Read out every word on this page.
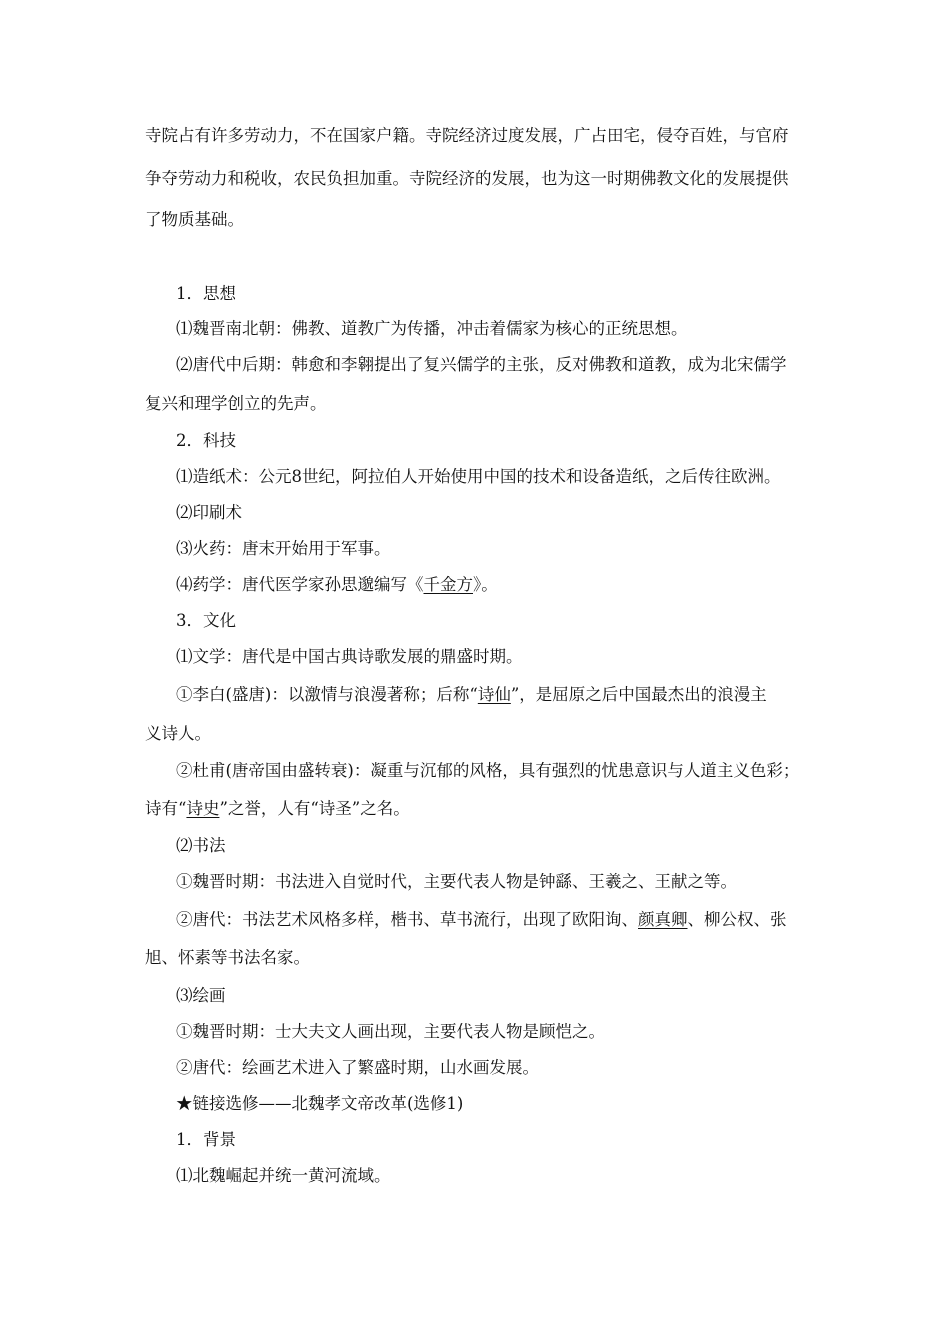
寺院占有许多劳动力，不在国家户籍。寺院经济过度发展，广占田宅，侵夺百姓，与官府
争夺劳动力和税收，农民负担加重。寺院经济的发展，也为这一时期佛教文化的发展提供
了物质基础。
1．思想
⑴魏晋南北朝：佛教、道教广为传播，冲击着儒家为核心的正统思想。
⑵唐代中后期：韩愈和李翱提出了复兴儒学的主张，反对佛教和道教，成为北宋儒学
复兴和理学创立的先声。
2．科技
⑴造纸术：公元8世纪，阿拉伯人开始使用中国的技术和设备造纸，之后传往欧洲。
⑵印刷术
⑶火药：唐末开始用于军事。
⑷药学：唐代医学家孙思邈编写《千金方》。
3．文化
⑴文学：唐代是中国古典诗歌发展的鼎盛时期。
①李白(盛唐)：以激情与浪漫著称；后称“诗仙”，是屈原之后中国最杰出的浪漫主
义诗人。
②杜甫(唐帝国由盛转衰)：凝重与沉郁的风格，具有强烈的忧患意识与人道主义色彩；
诗有“诗史”之誉，人有“诗圣”之名。
⑵书法
①魏晋时期：书法进入自觉时代，主要代表人物是钟繇、王羲之、王献之等。
②唐代：书法艺术风格多样，楷书、草书流行，出现了欧阳询、颜真卿、柳公权、张
旭、怀素等书法名家。
⑶绘画
①魏晋时期：士大夫文人画出现，主要代表人物是顾恺之。
②唐代：绘画艺术进入了繁盛时期，山水画发展。
★链接选修——北魏孝文帝改革(选修1)
1．背景
⑴北魏崛起并统一黄河流域。
